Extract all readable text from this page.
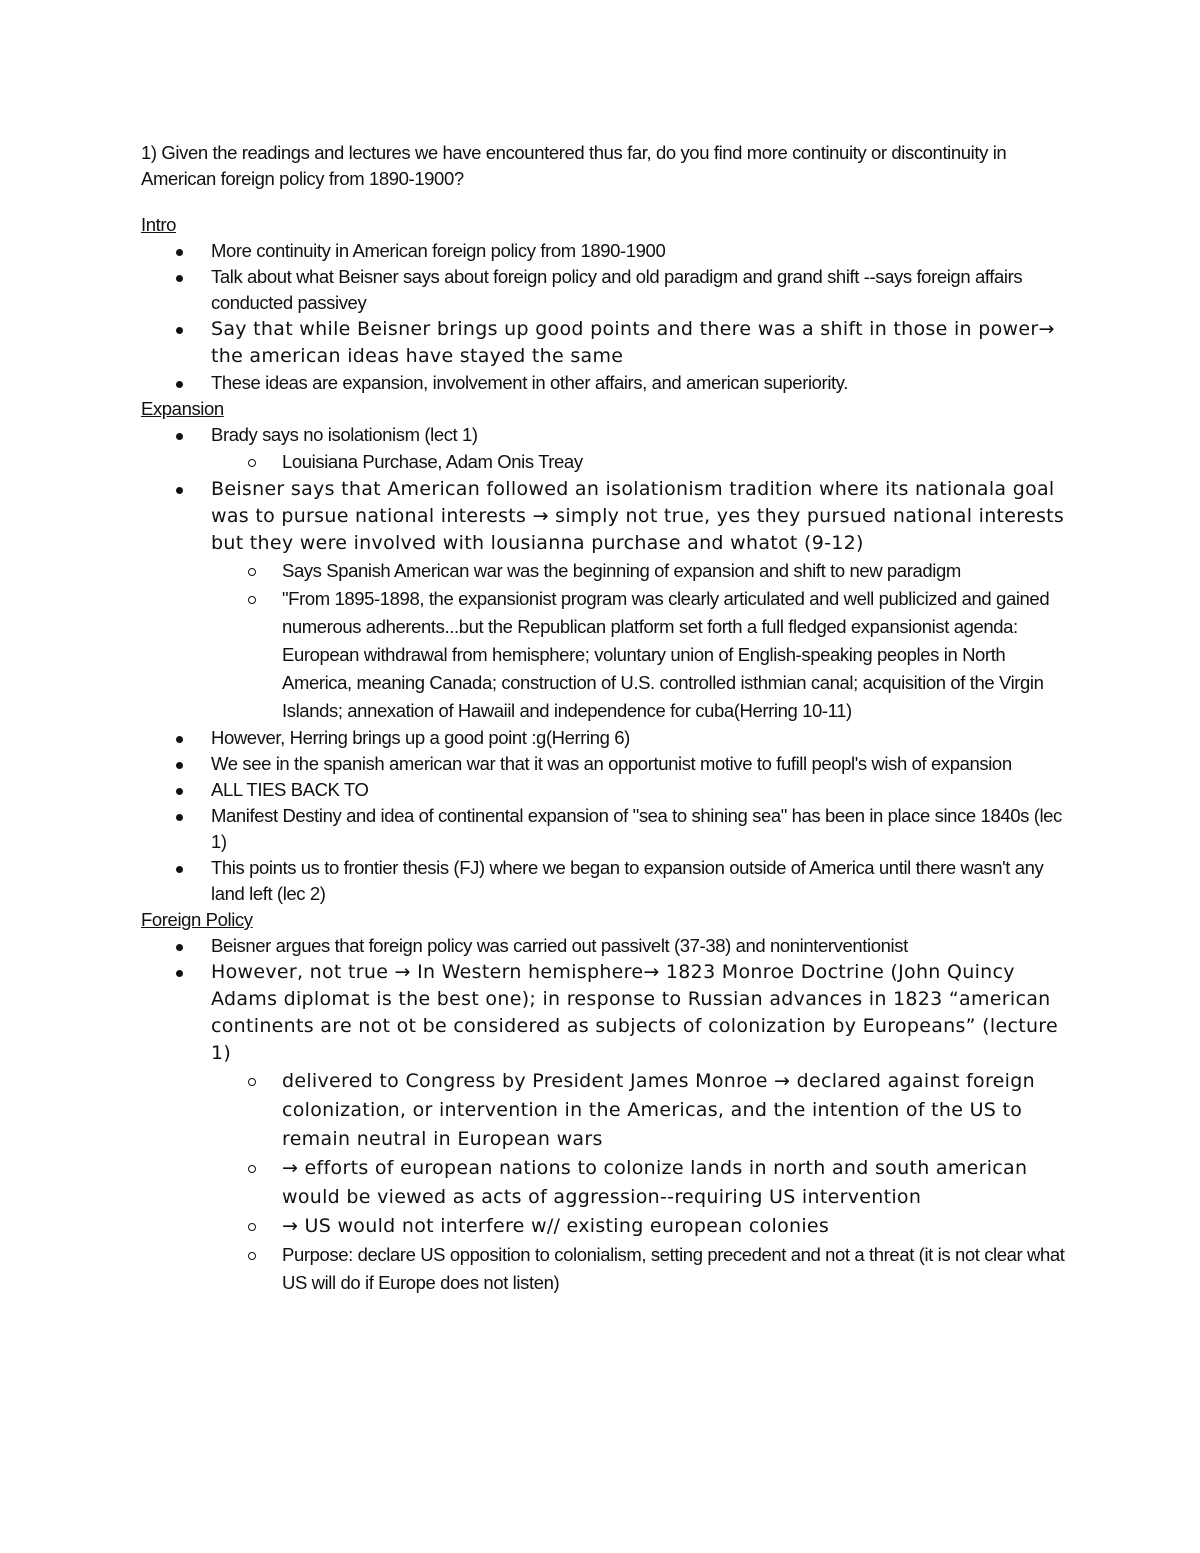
1) Given the readings and lectures we have encountered thus far, do you find more continuity or discontinuity in American foreign policy from 1890-1900?

Intro

More continuity in American foreign policy from 1890-1900
Talk about what Beisner says about foreign policy and old paradigm and grand shift --says foreign affairs conducted passivey
Say that while Beisner brings up good points and there was a shift in those in power→ the american ideas have stayed the same
These ideas are expansion, involvement in other affairs, and american superiority.

Expansion

Brady says no isolationism (lect 1)
Louisiana Purchase, Adam Onis Treay
Beisner says that American followed an isolationism tradition where its nationala goal was to pursue national interests → simply not true, yes they pursued national interests but they were involved with lousianna purchase and whatot (9-12)
Says Spanish American war was the beginning of expansion and shift to new paradigm
"From 1895-1898, the expansionist program was clearly articulated and well publicized and gained numerous adherents...but the Republican platform set forth a full fledged expansionist agenda: European withdrawal from hemisphere; voluntary union of English-speaking peoples in North America, meaning Canada; construction of U.S. controlled isthmian canal; acquisition of the Virgin Islands; annexation of Hawaiil and independence for cuba(Herring 10-11)
However, Herring brings up a good point :g(Herring 6)
We see in the spanish american war that it was an opportunist motive to fufill peopl's wish of expansion
ALL TIES BACK TO
Manifest Destiny and idea of continental expansion of "sea to shining sea" has been in place since 1840s (lec 1)
This points us to frontier thesis (FJ) where we began to expansion outside of America until there wasn't any land left (lec 2)

Foreign Policy

Beisner argues that foreign policy was carried out passivelt (37-38) and noninterventionist
However, not true → In Western hemisphere→ 1823 Monroe Doctrine (John Quincy Adams diplomat is the best one); in response to Russian advances in 1823 “american continents are not ot be considered as subjects of colonization by Europeans” (lecture 1)
delivered to Congress by President James Monroe → declared against foreign colonization, or intervention in the Americas, and the intention of the US to remain neutral in European wars
→ efforts of european nations to colonize lands in north and south american would be viewed as acts of aggression--requiring US intervention
→ US would not interfere w// existing european colonies
Purpose: declare US opposition to colonialism, setting precedent and not a threat (it is not clear what US will do if Europe does not listen)
